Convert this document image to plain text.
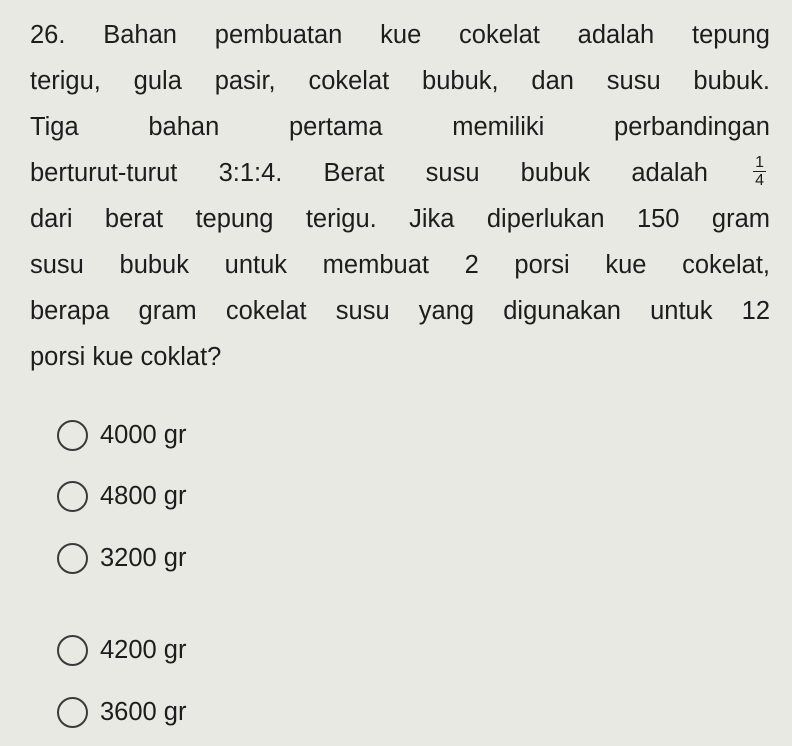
26. Bahan pembuatan kue cokelat adalah tepung
terigu, gula pasir, cokelat bubuk, dan susu bubuk.
Tiga bahan pertama memiliki perbandingan
berturut-turut 3:1:4. Berat susu bubuk adalah	$\frac{1}{4}$
dari berat tepung terigu. Jika diperlukan 150 gram
susu bubuk untuk membuat 2 porsi kue cokelat,
berapa gram cokelat susu yang digunakan untuk 12
porsi kue coklat?
4000 gr
4800 gr
3200 gr
4200 gr
3600 gr
